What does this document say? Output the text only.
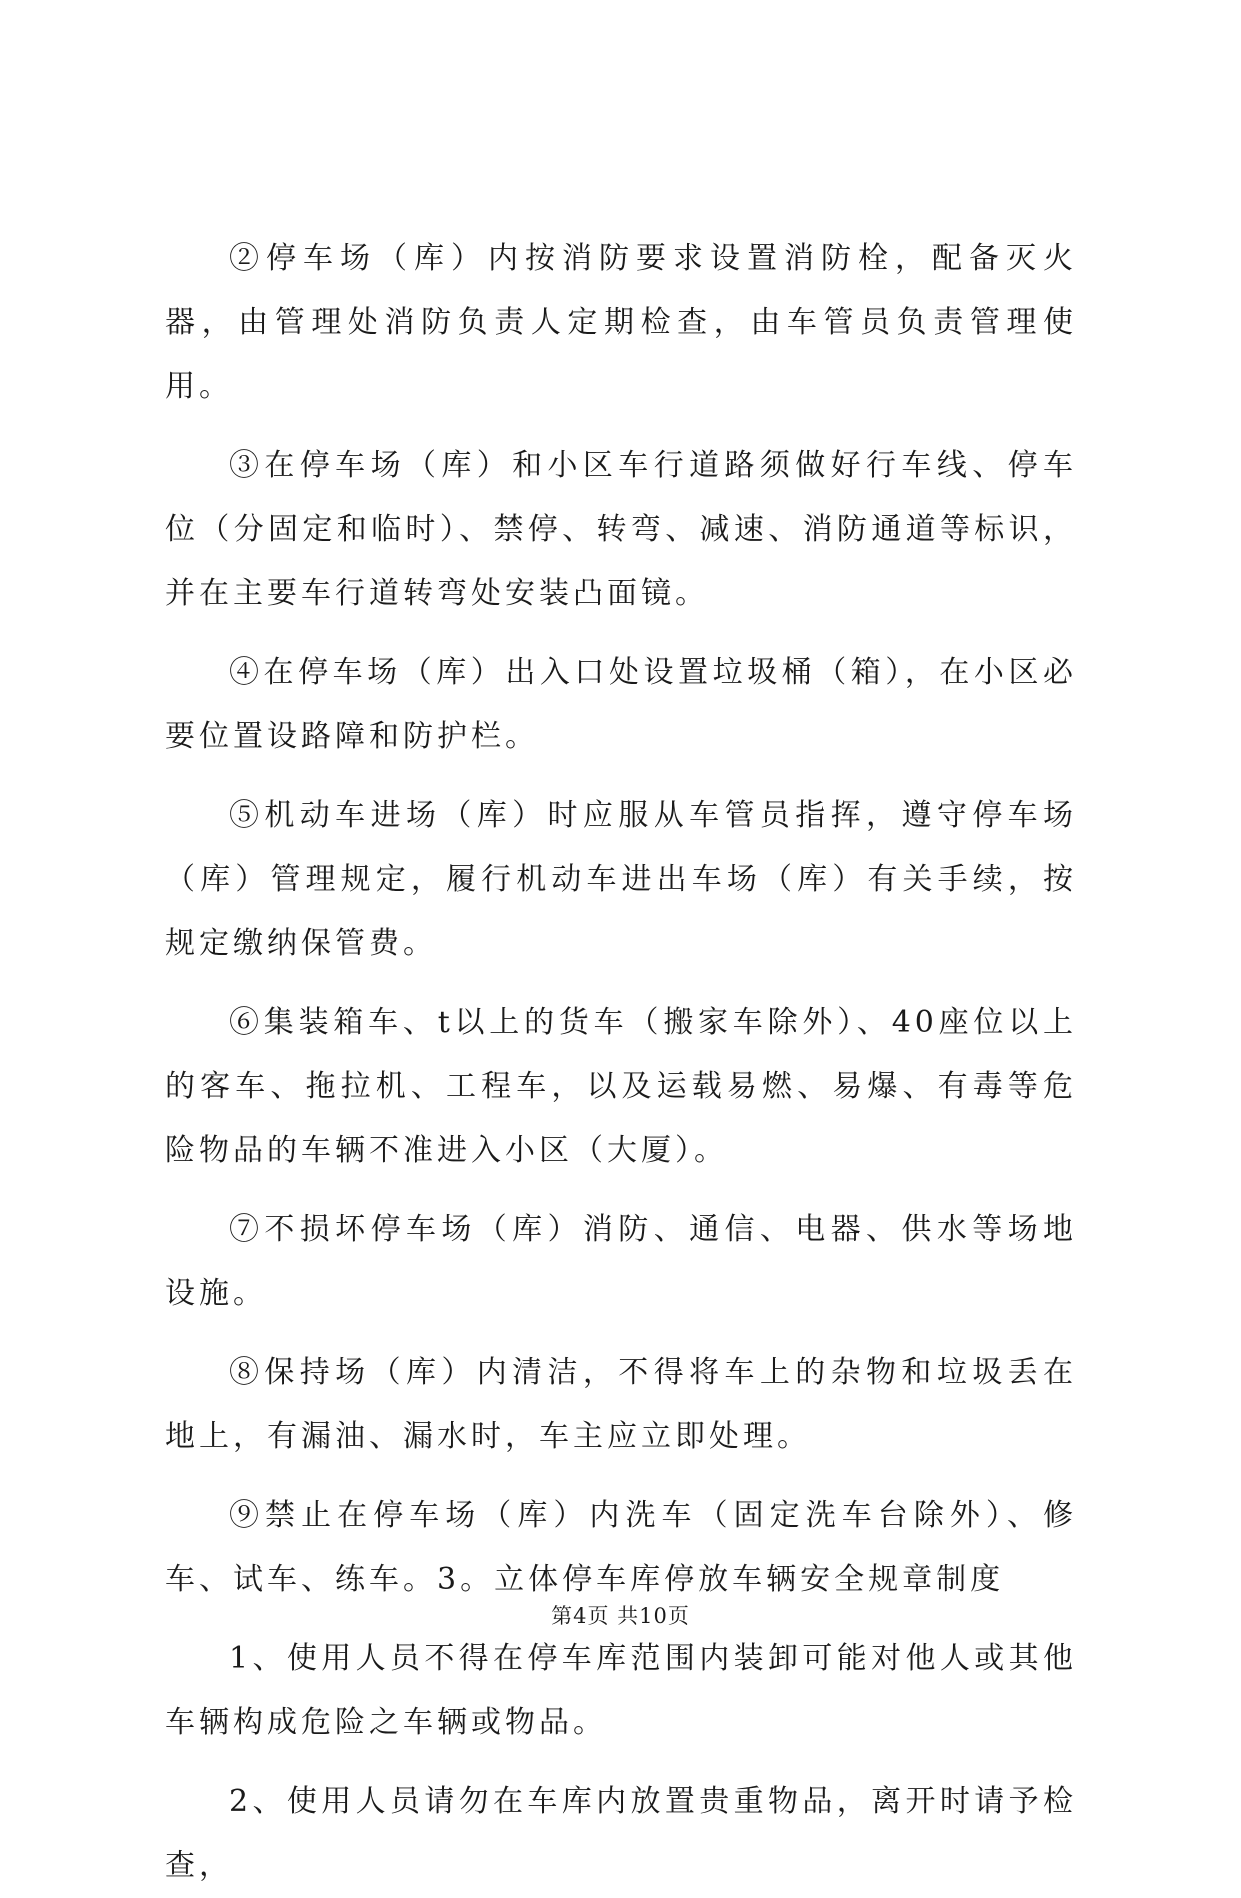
②停车场（库）内按消防要求设置消防栓，配备灭火器，由管理处消防负责人定期检查，由车管员负责管理使用。

③在停车场（库）和小区车行道路须做好行车线、停车位（分固定和临时）、禁停、转弯、减速、消防通道等标识，并在主要车行道转弯处安装凸面镜。

④在停车场（库）出入口处设置垃圾桶（箱），在小区必要位置设路障和防护栏。

⑤机动车进场（库）时应服从车管员指挥，遵守停车场（库）管理规定，履行机动车进出车场（库）有关手续，按规定缴纳保管费。

⑥集装箱车、t以上的货车（搬家车除外）、40座位以上的客车、拖拉机、工程车，以及运载易燃、易爆、有毒等危险物品的车辆不准进入小区（大厦）。

⑦不损坏停车场（库）消防、通信、电器、供水等场地设施。

⑧保持场（库）内清洁，不得将车上的杂物和垃圾丢在地上，有漏油、漏水时，车主应立即处理。

⑨禁止在停车场（库）内洗车（固定洗车台除外）、修车、试车、练车。3。立体停车库停放车辆安全规章制度

1、使用人员不得在停车库范围内装卸可能对他人或其他车辆构成危险之车辆或物品。

2、使用人员请勿在车库内放置贵重物品，离开时请予检查，

第4页 共10页
